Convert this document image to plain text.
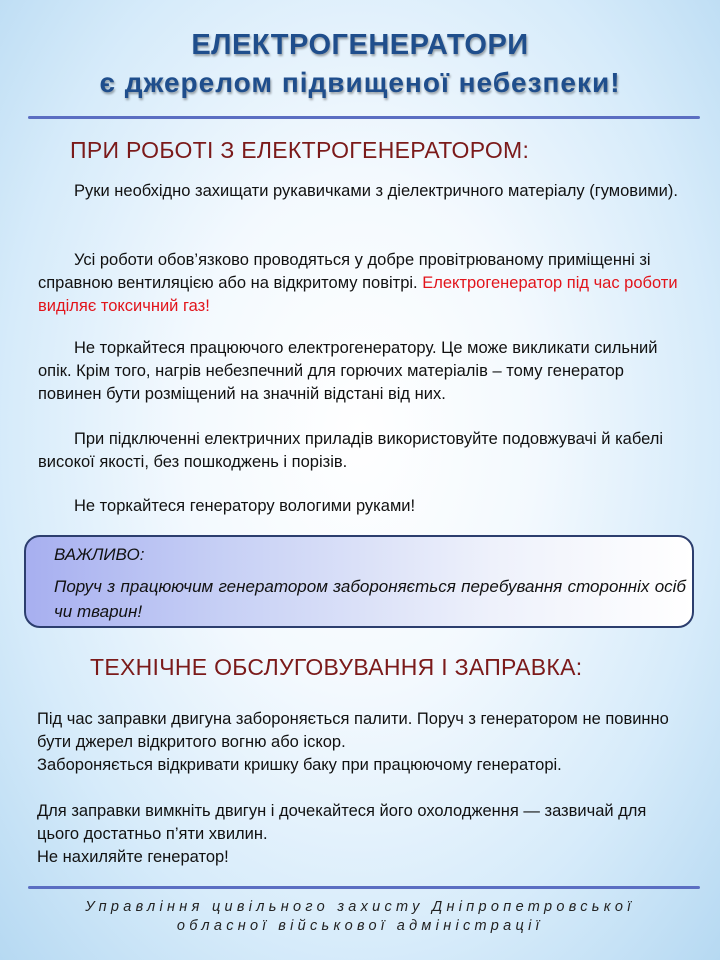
ЕЛЕКТРОГЕНЕРАТОРИ
є джерелом підвищеної небезпеки!
ПРИ РОБОТІ З ЕЛЕКТРОГЕНЕРАТОРОМ:
Руки необхідно захищати рукавичками з діелектричного матеріалу (гумовими).
Усі роботи обов’язково проводяться у добре провітрюваному приміщенні зі справною вентиляцією або на відкритому повітрі. Електрогенератор під час роботи виділяє токсичний газ!
Не торкайтеся працюючого електрогенератору. Це може викликати сильний опік. Крім того, нагрів небезпечний для горючих матеріалів – тому генератор повинен бути розміщений на значній відстані від них.
При підключенні електричних приладів використовуйте подовжувачі й кабелі високої якості, без пошкоджень і порізів.
Не торкайтеся генератору вологими руками!
ВАЖЛИВО:
Поруч з працюючим генератором забороняється перебування сторонніх осіб чи тварин!
ТЕХНІЧНЕ ОБСЛУГОВУВАННЯ І ЗАПРАВКА:
Під час заправки двигуна забороняється палити. Поруч з генератором не повинно бути джерел відкритого вогню або іскор.
Забороняється відкривати кришку баку при працюючому генераторі.
Для заправки вимкніть двигун і дочекайтеся його охолодження — зазвичай для цього достатньо п’яти хвилин.
Не нахиляйте генератор!
Управління цивільного захисту Дніпропетровської
обласної військової адміністрації
